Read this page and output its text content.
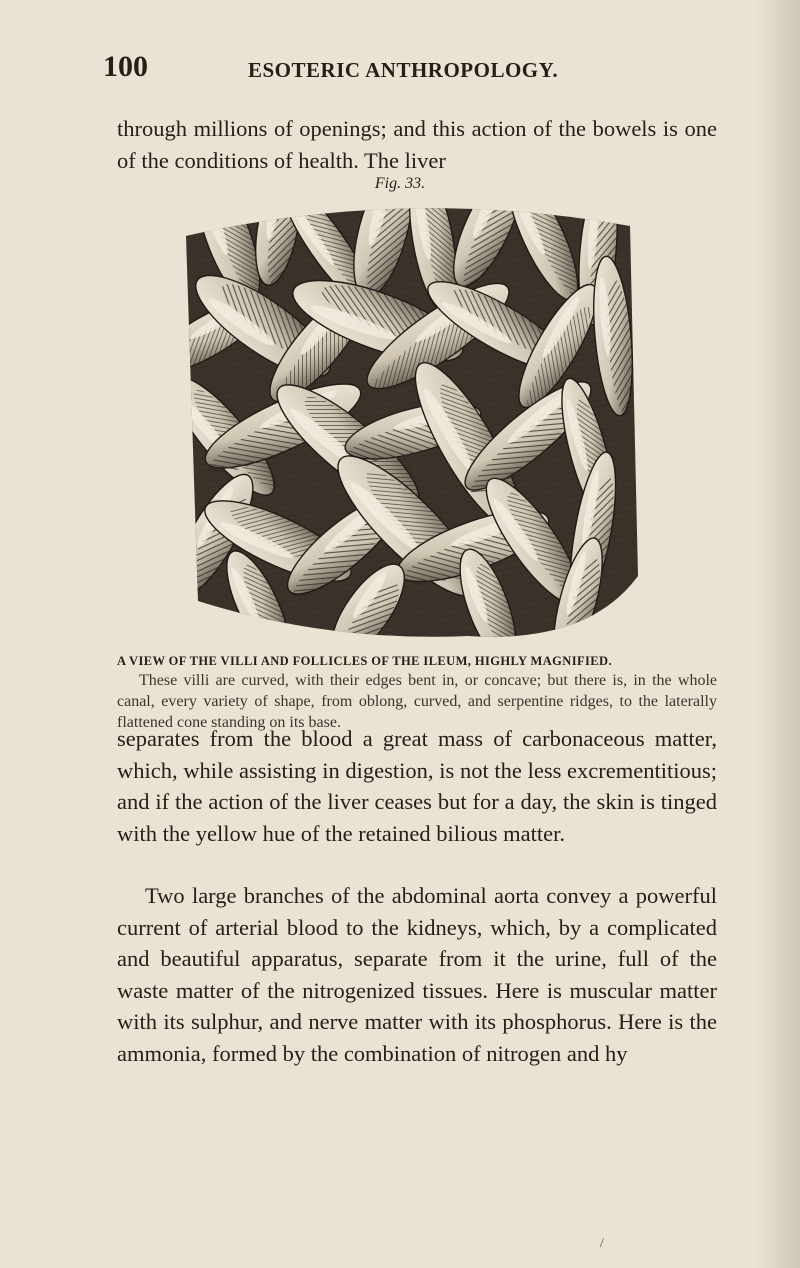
100	ESOTERIC ANTHROPOLOGY.
through millions of openings; and this action of the bowels is one of the conditions of health. The liver
Fig. 33.
A VIEW OF THE VILLI AND FOLLICLES OF THE ILEUM, HIGHLY MAGNIFIED.
These villi are curved, with their edges bent in, or concave; but there is, in the whole canal, every variety of shape, from oblong, curved, and serpentine ridges, to the laterally flattened cone standing on its base.
separates from the blood a great mass of carbonaceous matter, which, while assisting in digestion, is not the less excrementitious; and if the action of the liver ceases but for a day, the skin is tinged with the yellow hue of the retained bilious matter.
Two large branches of the abdominal aorta convey a powerful current of arterial blood to the kidneys, which, by a complicated and beautiful apparatus, separate from it the urine, full of the waste matter of the nitrogenized tissues. Here is muscular matter with its sulphur, and nerve matter with its phosphorus. Here is the ammonia, formed by the combination of nitrogen and hy
/
